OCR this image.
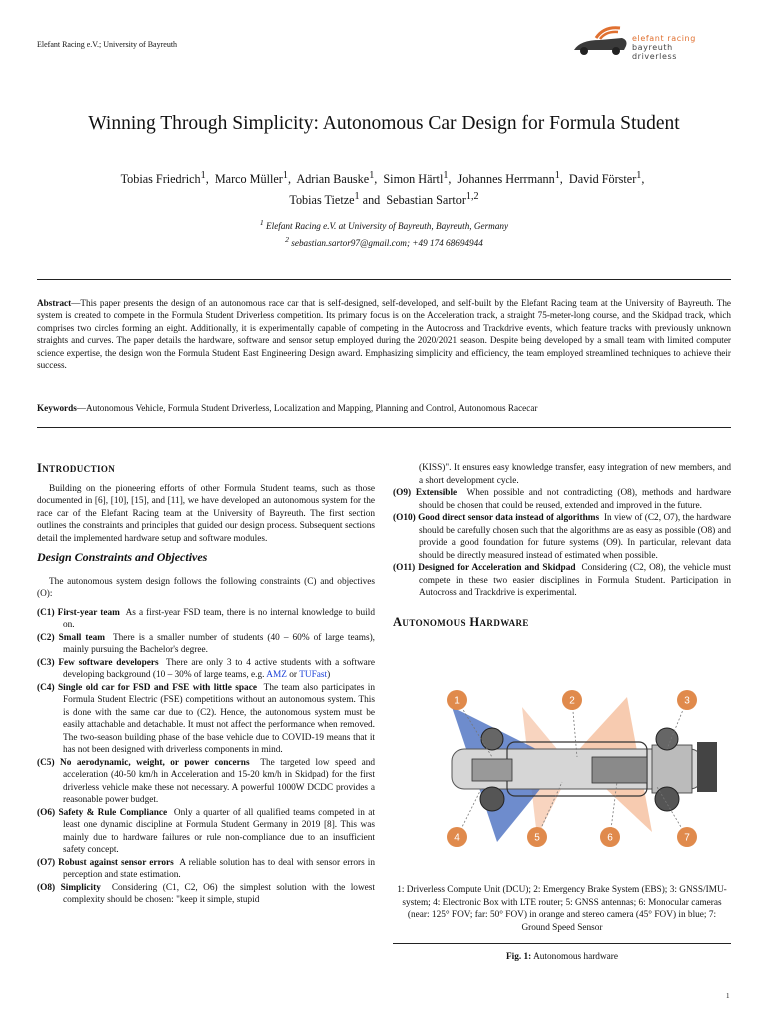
Elefant Racing e.V.; University of Bayreuth
elefant racing
bayreuth
driverless
Winning Through Simplicity: Autonomous Car Design for Formula Student
Tobias Friedrich$^1$,  Marco Müller$^1$,  Adrian Bauske$^1$,  Simon Härtl$^1$,  Johannes Herrmann$^1$,  David Förster$^1$,
Tobias Tietze$^1$ and  Sebastian Sartor$^{1,2}$
$^1$ Elefant Racing e.V. at University of Bayreuth, Bayreuth, Germany
$^2$ sebastian.sartor97@gmail.com; +49 174 68694944
Abstract—This paper presents the design of an autonomous race car that is self-designed, self-developed, and self-built by the Elefant Racing team at the University of Bayreuth. The system is created to compete in the Formula Student Driverless competition. Its primary focus is on the Acceleration track, a straight 75-meter-long course, and the Skidpad track, which comprises two circles forming an eight. Additionally, it is experimentally capable of competing in the Autocross and Trackdrive events, which feature tracks with previously unknown straights and curves. The paper details the hardware, software and sensor setup employed during the 2020/2021 season. Despite being developed by a small team with limited computer science expertise, the design won the Formula Student East Engineering Design award. Emphasizing simplicity and efficiency, the team employed streamlined techniques to achieve their success.
Keywords—Autonomous Vehicle, Formula Student Driverless, Localization and Mapping, Planning and Control, Autonomous Racecar
Introduction

Building on the pioneering efforts of other Formula Student teams, such as those documented in [6], [10], [15], and [11], we have developed an autonomous system for the race car of the Elefant Racing team at the University of Bayreuth. The first section outlines the constraints and principles that guided our design process. Subsequent sections detail the implemented hardware setup and software modules.

Design Constraints and Objectives

The autonomous system design follows the following constraints (C) and objectives (O):

(C1) First-year team As a first-year FSD team, there is no internal knowledge to build on.
(C2) Small team There is a smaller number of students (40 – 60% of large teams), mainly pursuing the Bachelor's degree.
(C3) Few software developers There are only 3 to 4 active students with a software developing background (10 – 30% of large teams, e.g. AMZ or TUFast)
(C4) Single old car for FSD and FSE with little space The team also participates in Formula Student Electric (FSE) competitions without an autonomous system. This is done with the same car due to (C2). Hence, the autonomous system must be easily attachable and detachable. It must not affect the performance when removed. The two-season building phase of the base vehicle due to COVID-19 means that it has not been designed with driverless components in mind.
(C5) No aerodynamic, weight, or power concerns The targeted low speed and acceleration (40-50 km/h in Acceleration and 15-20 km/h in Skidpad) for the first driverless vehicle make these not necessary. A powerful 1000W DCDC provides a reasonable power budget.
(O6) Safety & Rule Compliance Only a quarter of all qualified teams competed in at least one dynamic discipline at Formula Student Germany in 2019 [8]. This was mainly due to hardware failures or rule non-compliance due to an insufficient safety concept.
(O7) Robust against sensor errors A reliable solution has to deal with sensor errors in perception and state estimation.
(O8) Simplicity Considering (C1, C2, O6) the simplest solution with the lowest complexity should be chosen: "keep it simple, stupid
(KISS)". It ensures easy knowledge transfer, easy integration of new members, and a short development cycle.
(O9) Extensible When possible and not contradicting (O8), methods and hardware should be chosen that could be reused, extended and improved in the future.
(O10) Good direct sensor data instead of algorithms In view of (C2, O7), the hardware should be carefully chosen such that the algorithms are as easy as possible (O8) and provide a good foundation for future systems (O9). In particular, relevant data should be directly measured instead of estimated when possible.
(O11) Designed for Acceleration and Skidpad Considering (C2, O8), the vehicle must compete in these two easier disciplines in Formula Student. Participation in Autocross and Trackdrive is experimental.
Autonomous Hardware
1	2	3
4	5	6	7
1: Driverless Compute Unit (DCU); 2: Emergency Brake System (EBS); 3: GNSS/IMU-system; 4: Electronic Box with LTE router; 5: GNSS antennas; 6: Monocular cameras (near: 125° FOV; far: 50° FOV) in orange and stereo camera (45° FOV) in blue; 7: Ground Speed Sensor
Fig. 1: Autonomous hardware
1
